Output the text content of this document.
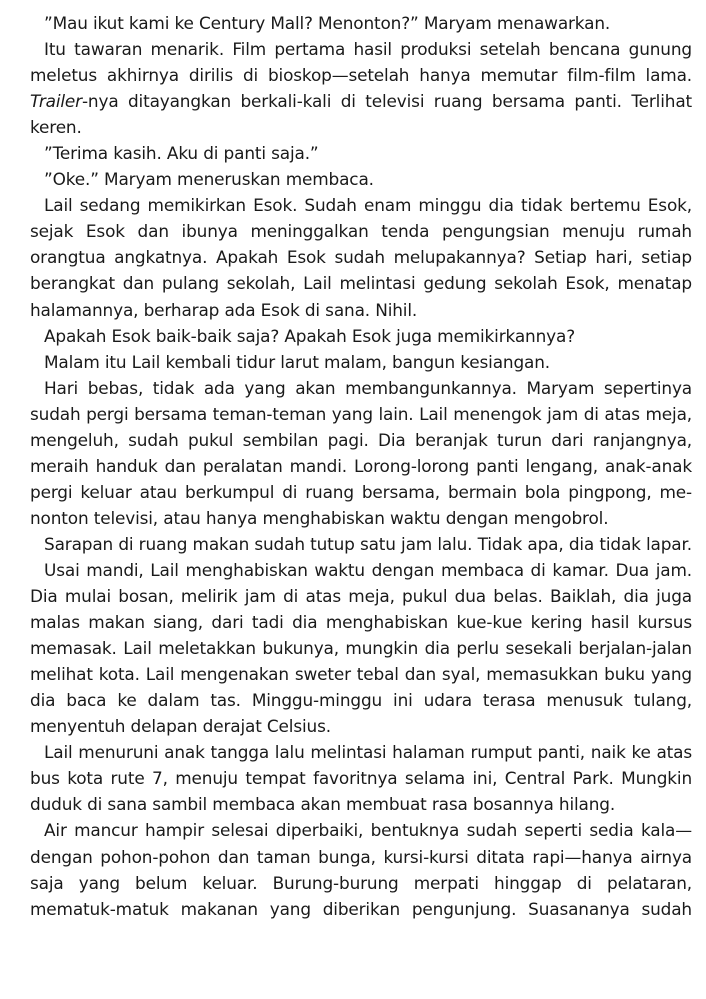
”Mau ikut kami ke Century Mall? Menonton?” Maryam menawarkan.

Itu tawaran menarik. Film pertama hasil produksi setelah bencana gunung
meletus akhirnya dirilis di bioskop—setelah hanya memutar film-film lama.
Trailer-nya ditayangkan berkali-kali di televisi ruang bersama panti. Terlihat
keren.

”Terima kasih. Aku di panti saja.”

”Oke.” Maryam meneruskan membaca.

Lail sedang memikirkan Esok. Sudah enam minggu dia tidak bertemu Esok,
sejak Esok dan ibunya meninggalkan tenda pengungsian menuju rumah
orangtua angkatnya. Apakah Esok sudah melupakannya? Setiap hari, setiap
berangkat dan pulang sekolah, Lail melintasi gedung sekolah Esok, menatap
halamannya, berharap ada Esok di sana. Nihil.

Apakah Esok baik-baik saja? Apakah Esok juga memikirkannya?

Malam itu Lail kembali tidur larut malam, bangun kesiangan.

Hari bebas, tidak ada yang akan membangunkannya. Maryam sepertinya
sudah pergi bersama teman-teman yang lain. Lail menengok jam di atas meja,
mengeluh, sudah pukul sembilan pagi. Dia beranjak turun dari ranjangnya,
meraih handuk dan peralatan mandi. Lorong-lorong panti lengang, anak-anak
pergi keluar atau berkumpul di ruang bersama, bermain bola pingpong, me-
nonton televisi, atau hanya menghabiskan waktu dengan mengobrol.

Sarapan di ruang makan sudah tutup satu jam lalu. Tidak apa, dia tidak lapar.

Usai mandi, Lail menghabiskan waktu dengan membaca di kamar. Dua jam.
Dia mulai bosan, melirik jam di atas meja, pukul dua belas. Baiklah, dia juga
malas makan siang, dari tadi dia menghabiskan kue-kue kering hasil kursus
memasak. Lail meletakkan bukunya, mungkin dia perlu sesekali berjalan-jalan
melihat kota. Lail mengenakan sweter tebal dan syal, memasukkan buku yang
dia baca ke dalam tas. Minggu-minggu ini udara terasa menusuk tulang,
menyentuh delapan derajat Celsius.

Lail menuruni anak tangga lalu melintasi halaman rumput panti, naik ke atas
bus kota rute 7, menuju tempat favoritnya selama ini, Central Park. Mungkin
duduk di sana sambil membaca akan membuat rasa bosannya hilang.

Air mancur hampir selesai diperbaiki, bentuknya sudah seperti sedia kala—
dengan pohon-pohon dan taman bunga, kursi-kursi ditata rapi—hanya airnya
saja yang belum keluar. Burung-burung merpati hinggap di pelataran,
mematuk-matuk makanan yang diberikan pengunjung. Suasananya sudah
